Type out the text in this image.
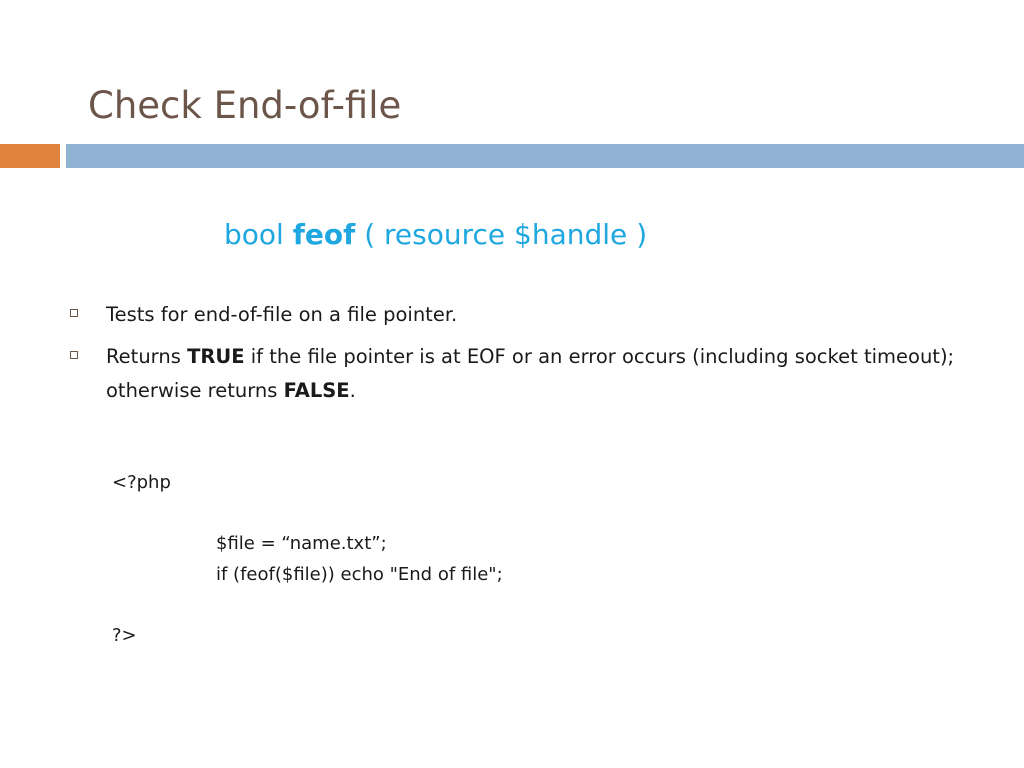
Check End-of-file
bool feof ( resource $handle )
Tests for end-of-file on a file pointer.
Returns TRUE if the file pointer is at EOF or an error occurs (including socket timeout); otherwise returns FALSE.
<?php
$file = “name.txt”;
if (feof($file)) echo "End of file";
?>
